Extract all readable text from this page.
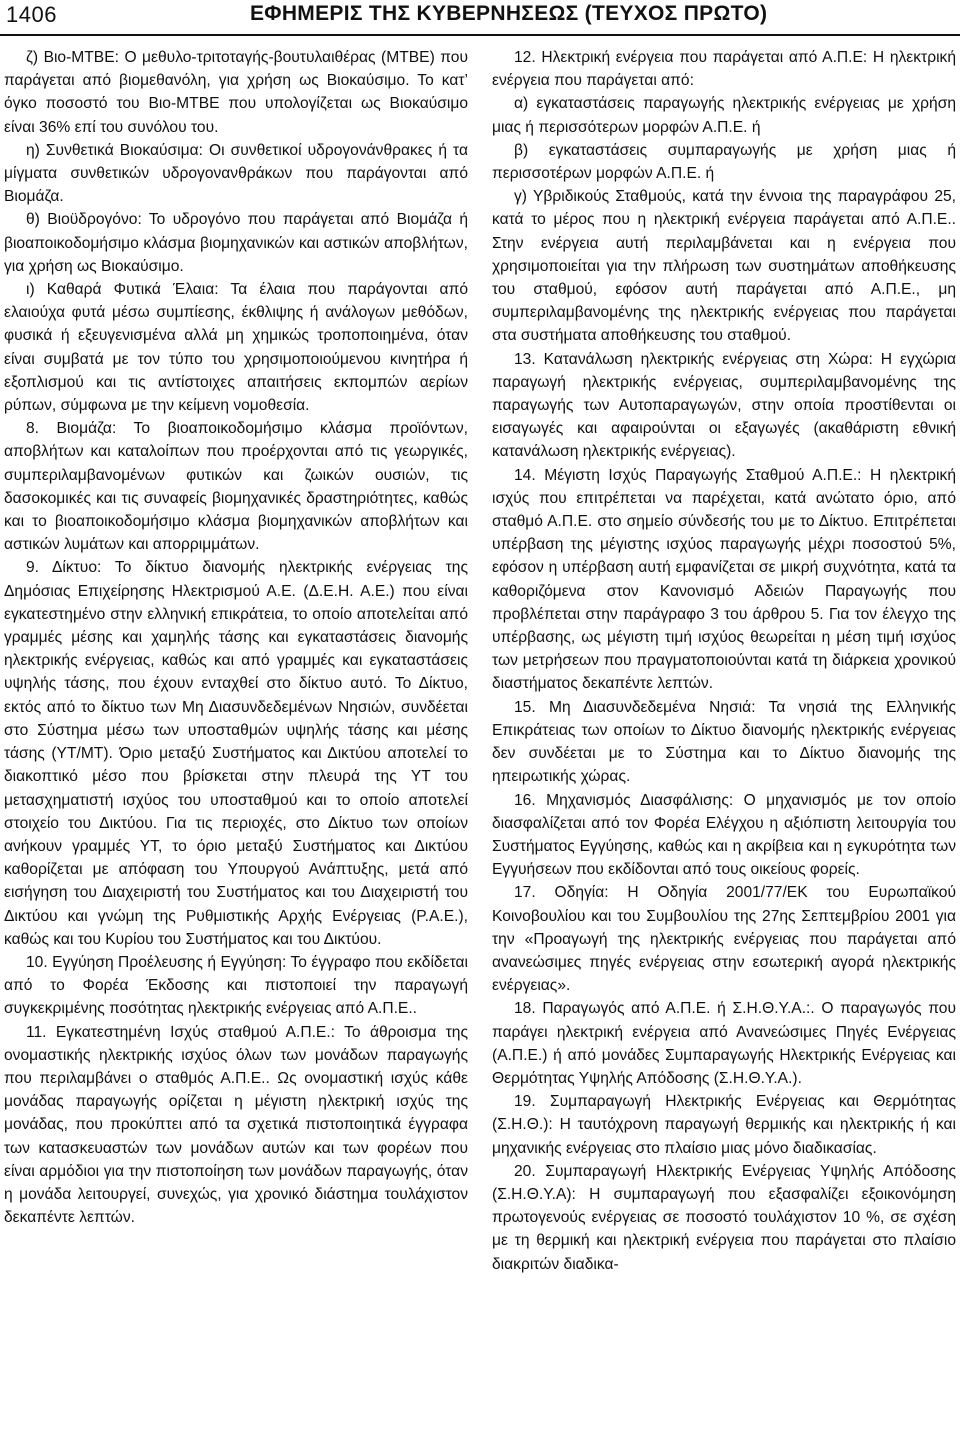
1406	ΕΦΗΜΕΡΙΣ ΤΗΣ ΚΥΒΕΡΝΗΣΕΩΣ (ΤΕΥΧΟΣ ΠΡΩΤΟ)

ζ) Βιο-ΜΤΒΕ: Ο μεθυλο-τριτοταγής-βουτυλαιθέρας (ΜΤΒΕ) που παράγεται από βιομεθανόλη, για χρήση ως Βιοκαύσιμο. Το κατ’ όγκο ποσοστό του Βιο-ΜΤΒΕ που υπολογίζεται ως Βιοκαύσιμο είναι 36% επί του συνόλου του.

η) Συνθετικά Βιοκαύσιμα: Οι συνθετικοί υδρογονάνθρακες ή τα μίγματα συνθετικών υδρογονανθράκων που παράγονται από Βιομάζα.

θ) Βιοϋδρογόνο: Το υδρογόνο που παράγεται από Βιομάζα ή βιοαποικοδομήσιμο κλάσμα βιομηχανικών και αστικών αποβλήτων, για χρήση ως Βιοκαύσιμο.

ι) Καθαρά Φυτικά Έλαια: Τα έλαια που παράγονται από ελαιούχα φυτά μέσω συμπίεσης, έκθλιψης ή ανάλογων μεθόδων, φυσικά ή εξευγενισμένα αλλά μη χημικώς τροποποιημένα, όταν είναι συμβατά με τον τύπο του χρησιμοποιούμενου κινητήρα ή εξοπλισμού και τις αντίστοιχες απαιτήσεις εκπομπών αερίων ρύπων, σύμφωνα με την κείμενη νομοθεσία.

8. Βιομάζα: Το βιοαποικοδομήσιμο κλάσμα προϊόντων, αποβλήτων και καταλοίπων που προέρχονται από τις γεωργικές, συμπεριλαμβανομένων φυτικών και ζωικών ουσιών, τις δασοκομικές και τις συναφείς βιομηχανικές δραστηριότητες, καθώς και το βιοαποικοδομήσιμο κλάσμα βιομηχανικών αποβλήτων και αστικών λυμάτων και απορριμμάτων.

9. Δίκτυο: Το δίκτυο διανομής ηλεκτρικής ενέργειας της Δημόσιας Επιχείρησης Ηλεκτρισμού Α.Ε. (Δ.Ε.Η. Α.Ε.) που είναι εγκατεστημένο στην ελληνική επικράτεια, το οποίο αποτελείται από γραμμές μέσης και χαμηλής τάσης και εγκαταστάσεις διανομής ηλεκτρικής ενέργειας, καθώς και από γραμμές και εγκαταστάσεις υψηλής τάσης, που έχουν ενταχθεί στο δίκτυο αυτό. Το Δίκτυο, εκτός από το δίκτυο των Μη Διασυνδεδεμένων Νησιών, συνδέεται στο Σύστημα μέσω των υποσταθμών υψηλής τάσης και μέσης τάσης (ΥΤ/ΜΤ). Όριο μεταξύ Συστήματος και Δικτύου αποτελεί το διακοπτικό μέσο που βρίσκεται στην πλευρά της ΥΤ του μετασχηματιστή ισχύος του υποσταθμού και το οποίο αποτελεί στοιχείο του Δικτύου. Για τις περιοχές, στο Δίκτυο των οποίων ανήκουν γραμμές ΥΤ, το όριο μεταξύ Συστήματος και Δικτύου καθορίζεται με απόφαση του Υπουργού Ανάπτυξης, μετά από εισήγηση του Διαχειριστή του Συστήματος και του Διαχειριστή του Δικτύου και γνώμη της Ρυθμιστικής Αρχής Ενέργειας (Ρ.Α.Ε.), καθώς και του Κυρίου του Συστήματος και του Δικτύου.

10. Εγγύηση Προέλευσης ή Εγγύηση: Το έγγραφο που εκδίδεται από το Φορέα Έκδοσης και πιστοποιεί την παραγωγή συγκεκριμένης ποσότητας ηλεκτρικής ενέργειας από Α.Π.Ε..

11. Εγκατεστημένη Ισχύς σταθμού Α.Π.Ε.: Το άθροισμα της ονομαστικής ηλεκτρικής ισχύος όλων των μονάδων παραγωγής που περιλαμβάνει ο σταθμός Α.Π.Ε.. Ως ονομαστική ισχύς κάθε μονάδας παραγωγής ορίζεται η μέγιστη ηλεκτρική ισχύς της μονάδας, που προκύπτει από τα σχετικά πιστοποιητικά έγγραφα των κατασκευαστών των μονάδων αυτών και των φορέων που είναι αρμόδιοι για την πιστοποίηση των μονάδων παραγωγής, όταν η μονάδα λειτουργεί, συνεχώς, για χρονικό διάστημα τουλάχιστον δεκαπέντε λεπτών.

12. Ηλεκτρική ενέργεια που παράγεται από Α.Π.Ε: Η ηλεκτρική ενέργεια που παράγεται από:

α) εγκαταστάσεις παραγωγής ηλεκτρικής ενέργειας με χρήση μιας ή περισσότερων μορφών Α.Π.Ε. ή

β) εγκαταστάσεις συμπαραγωγής με χρήση μιας ή περισσοτέρων μορφών Α.Π.Ε. ή

γ) Υβριδικούς Σταθμούς, κατά την έννοια της παραγράφου 25, κατά το μέρος που η ηλεκτρική ενέργεια παράγεται από Α.Π.Ε.. Στην ενέργεια αυτή περιλαμβάνεται και η ενέργεια που χρησιμοποιείται για την πλήρωση των συστημάτων αποθήκευσης του σταθμού, εφόσον αυτή παράγεται από Α.Π.Ε., μη συμπεριλαμβανομένης της ηλεκτρικής ενέργειας που παράγεται στα συστήματα αποθήκευσης του σταθμού.

13. Κατανάλωση ηλεκτρικής ενέργειας στη Χώρα: Η εγχώρια παραγωγή ηλεκτρικής ενέργειας, συμπεριλαμβανομένης της παραγωγής των Αυτοπαραγωγών, στην οποία προστίθενται οι εισαγωγές και αφαιρούνται οι εξαγωγές (ακαθάριστη εθνική κατανάλωση ηλεκτρικής ενέργειας).

14. Μέγιστη Ισχύς Παραγωγής Σταθμού Α.Π.Ε.: Η ηλεκτρική ισχύς που επιτρέπεται να παρέχεται, κατά ανώτατο όριο, από σταθμό Α.Π.Ε. στο σημείο σύνδεσής του με το Δίκτυο. Επιτρέπεται υπέρβαση της μέγιστης ισχύος παραγωγής μέχρι ποσοστού 5%, εφόσον η υπέρβαση αυτή εμφανίζεται σε μικρή συχνότητα, κατά τα καθοριζόμενα στον Κανονισμό Αδειών Παραγωγής που προβλέπεται στην παράγραφο 3 του άρθρου 5. Για τον έλεγχο της υπέρβασης, ως μέγιστη τιμή ισχύος θεωρείται η μέση τιμή ισχύος των μετρήσεων που πραγματοποιούνται κατά τη διάρκεια χρονικού διαστήματος δεκαπέντε λεπτών.

15. Μη Διασυνδεδεμένα Νησιά: Τα νησιά της Ελληνικής Επικράτειας των οποίων το Δίκτυο διανομής ηλεκτρικής ενέργειας δεν συνδέεται με το Σύστημα και το Δίκτυο διανομής της ηπειρωτικής χώρας.

16. Μηχανισμός Διασφάλισης: Ο μηχανισμός με τον οποίο διασφαλίζεται από τον Φορέα Ελέγχου η αξιόπιστη λειτουργία του Συστήματος Εγγύησης, καθώς και η ακρίβεια και η εγκυρότητα των Εγγυήσεων που εκδίδονται από τους οικείους φορείς.

17. Οδηγία: Η Οδηγία 2001/77/ΕΚ του Ευρωπαϊκού Κοινοβουλίου και του Συμβουλίου της 27ης Σεπτεμβρίου 2001 για την «Προαγωγή της ηλεκτρικής ενέργειας που παράγεται από ανανεώσιμες πηγές ενέργειας στην εσωτερική αγορά ηλεκτρικής ενέργειας».

18. Παραγωγός από Α.Π.Ε. ή Σ.Η.Θ.Υ.Α.:. Ο παραγωγός που παράγει ηλεκτρική ενέργεια από Ανανεώσιμες Πηγές Ενέργειας (Α.Π.Ε.) ή από μονάδες Συμπαραγωγής Ηλεκτρικής Ενέργειας και Θερμότητας Υψηλής Απόδοσης (Σ.Η.Θ.Υ.Α.).

19. Συμπαραγωγή Ηλεκτρικής Ενέργειας και Θερμότητας (Σ.Η.Θ.): Η ταυτόχρονη παραγωγή θερμικής και ηλεκτρικής ή και μηχανικής ενέργειας στο πλαίσιο μιας μόνο διαδικασίας.

20. Συμπαραγωγή Ηλεκτρικής Ενέργειας Υψηλής Απόδοσης (Σ.Η.Θ.Υ.Α): Η συμπαραγωγή που εξασφαλίζει εξοικονόμηση πρωτογενούς ενέργειας σε ποσοστό τουλάχιστον 10 %, σε σχέση με τη θερμική και ηλεκτρική ενέργεια που παράγεται στο πλαίσιο διακριτών διαδικα-
